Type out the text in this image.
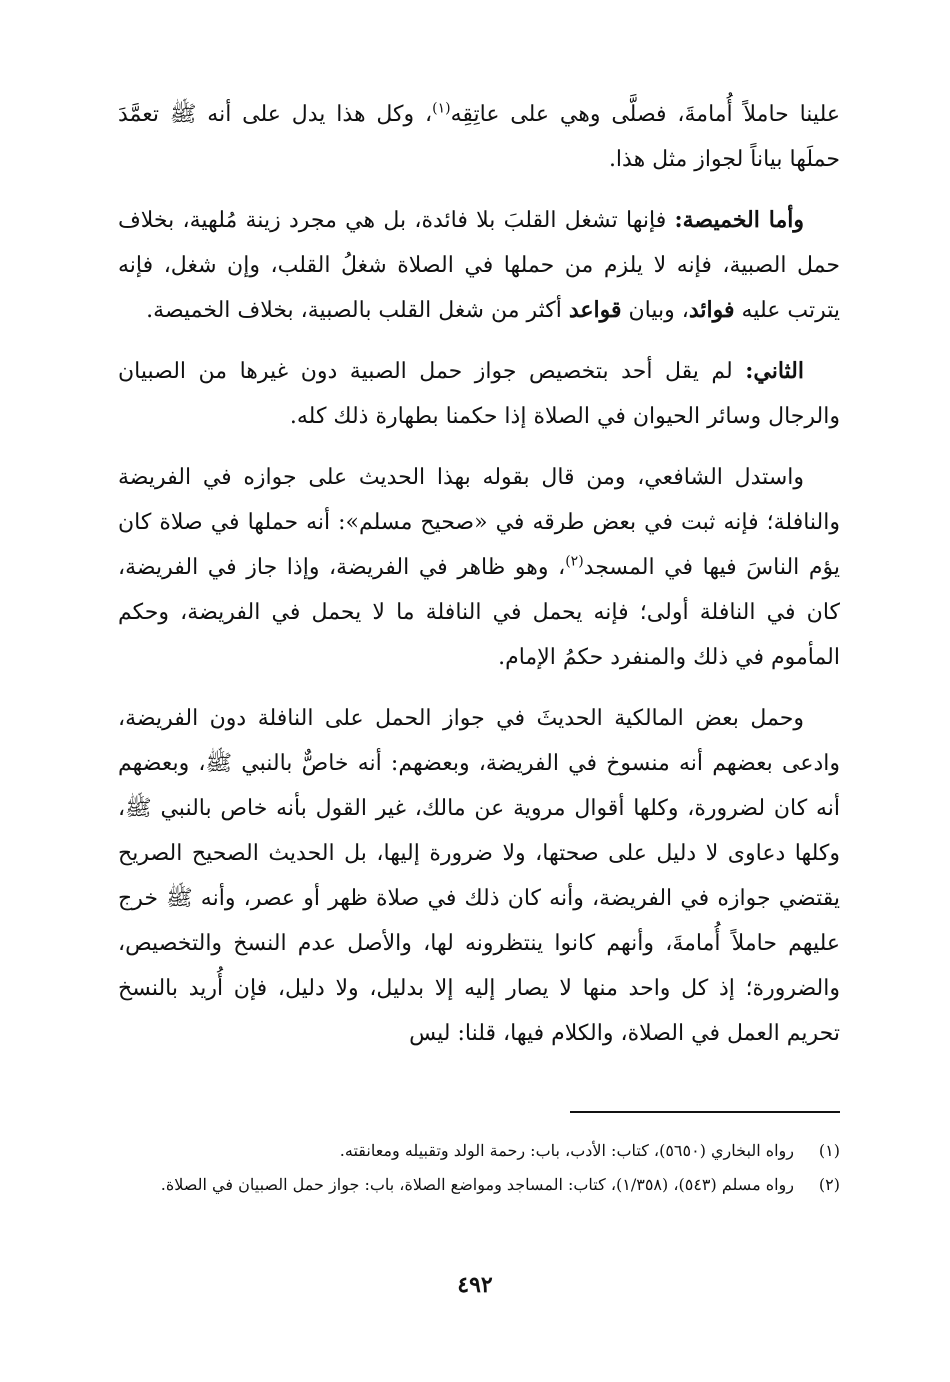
علينا حاملاً أُمامةَ، فصلَّى وهي على عاتِقِه$^{(١)}$، وكل هذا يدل على أنه ﷺ تعمَّدَ حملَها بياناً لجواز مثل هذا.

وأما الخميصة: فإنها تشغل القلبَ بلا فائدة، بل هي مجرد زينة مُلهية، بخلاف حمل الصبية، فإنه لا يلزم من حملها في الصلاة شغلُ القلب، وإن شغل، فإنه يترتب عليه فوائد، وبيان قواعد أكثر من شغل القلب بالصبية، بخلاف الخميصة.

الثاني: لم يقل أحد بتخصيص جواز حمل الصبية دون غيرها من الصبيان والرجال وسائر الحيوان في الصلاة إذا حكمنا بطهارة ذلك كله.

واستدل الشافعي، ومن قال بقوله بهذا الحديث على جوازه في الفريضة والنافلة؛ فإنه ثبت في بعض طرقه في «صحيح مسلم»: أنه حملها في صلاة كان يؤم الناسَ فيها في المسجد$^{(٢)}$، وهو ظاهر في الفريضة، وإذا جاز في الفريضة، كان في النافلة أولى؛ فإنه يحمل في النافلة ما لا يحمل في الفريضة، وحكم المأموم في ذلك والمنفرد حكمُ الإمام.

وحمل بعض المالكية الحديثَ في جواز الحمل على النافلة دون الفريضة، وادعى بعضهم أنه منسوخ في الفريضة، وبعضهم: أنه خاصٌّ بالنبي ﷺ، وبعضهم أنه كان لضرورة، وكلها أقوال مروية عن مالك، غير القول بأنه خاص بالنبي ﷺ، وكلها دعاوى لا دليل على صحتها، ولا ضرورة إليها، بل الحديث الصحيح الصريح يقتضي جوازه في الفريضة، وأنه كان ذلك في صلاة ظهر أو عصر، وأنه ﷺ خرج عليهم حاملاً أُمامةَ، وأنهم كانوا ينتظرونه لها، والأصل عدم النسخ والتخصيص، والضرورة؛ إذ كل واحد منها لا يصار إليه إلا بدليل، ولا دليل، فإن أُريد بالنسخ تحريم العمل في الصلاة، والكلام فيها، قلنا: ليس

(١)
رواه البخاري (٥٦٥٠)، كتاب: الأدب، باب: رحمة الولد وتقبيله ومعانقته.
(٢)
رواه مسلم (٥٤٣)، (١/٣٥٨)، كتاب: المساجد ومواضع الصلاة، باب: جواز حمل الصبيان في الصلاة.
٤٩٢
